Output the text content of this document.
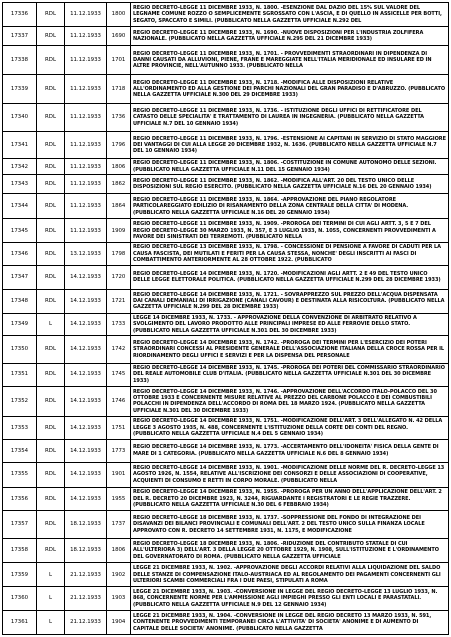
17336	RDL	11.12.1933	1800	REGIO DECRETO-LEGGE 11 DICEMBRE 1933, N. 1800. -ESENZIONE DAL DAZIO DEL 15% SUL VALORE DEL LEGNAME COMUNE ROZZO O SEMPLICEMENTE SGROSSATO CON L'ASCIA, E DI QUELLO IN ASSICELLE PER BOTTI, SEGATO, SPACCATO E SIMILI. (PUBBLICATO NELLA GAZZETTA UFFICIALE N.292 DEL
17337	RDL	11.12.1933	1690	REGIO DECRETO-LEGGE 11 DICEMBRE 1933, N. 1690. -NUOVE DISPOSIZIONI PER L'INDUSTRIA ZOLFIFERA NAZIONALE. (PUBBLICATO NELLA GAZZETTA UFFICIALE N.295 DEL 21 DICEMBRE 1933)
17338	RDL	11.12.1933	1701	REGIO DECRETO-LEGGE 11 DICEMBRE 1933, N. 1701. - PROVVEDIMENTI STRAORDINARI IN DIPENDENZA DI DANNI CAUSATI DA ALLUVIONI, PIENE, FRANE E MAREGGIATE NELL'ITALIA MERIDIONALE ED INSULARE ED IN ALTRE PROVINCIE, NELL'AUTUNNO 1933. (PUBBLICATO NELLA
17339	RDL	11.12.1933	1718	REGIO DECRETO-LEGGE 11 DICEMBRE 1933, N. 1718. -MODIFICA ALLE DISPOSIZIONI RELATIVE ALL'ORDINAMENTO ED ALLA GESTIONE DEI PARCHI NAZIONALI DEL GRAN PARADISO E D'ABRUZZO. (PUBBLICATO NELLA GAZZETTA UFFICIALE N.300 DEL 29 DICEMBRE 1933)
17340	RDL	11.12.1933	1736	REGIO DECRETO-LEGGE 11 DICEMBRE 1933, N. 1736. - ISTITUZIONE DEGLI UFFICI DI RETTIFICATORE DEL CATASTO DELLE SPECIALITA' E TRATTAMENTO DI LAUREA IN INGEGNERIA. (PUBBLICATO NELLA GAZZETTA UFFICIALE N.7 DEL 10 GENNAIO 1934)
17341	RDL	11.12.1933	1796	REGIO DECRETO-LEGGE 11 DICEMBRE 1933, N. 1796. -ESTENSIONE AI CAPITANI IN SERVIZIO DI STATO MAGGIORE DEI VANTAGGI DI CUI ALLA LEGGE 20 DICEMBRE 1932, N. 1636. (PUBBLICATO NELLA GAZZETTA UFFICIALE N.7 DEL 10 GENNAIO 1934)
17342	RDL	11.12.1933	1806	REGIO DECRETO-LEGGE 11 DICEMBRE 1933, N. 1806. -COSTITUZIONE IN COMUNE AUTONOMO DELLE SEZIONI. (PUBBLICATO NELLA GAZZETTA UFFICIALE N.11 DEL 15 GENNAIO 1934)
17343	RDL	11.12.1933	1862	REGIO DECRETO-LEGGE 11 DICEMBRE 1933, N. 1862. -MODIFICA ALL'ART. 20 DEL TESTO UNICO DELLE DISPOSIZIONI SUL REGIO ESERCITO. (PUBBLICATO NELLA GAZZETTA UFFICIALE N.16 DEL 20 GENNAIO 1934)
17344	RDL	11.12.1933	1864	REGIO DECRETO-LEGGE 11 DICEMBRE 1933, N. 1864. -APPROVAZIONE DEL PIANO REGOLATORE PARTICOLAREGGIATO EDILIZIO DI RISANAMENTO DELLA ZONA CENTRALE DELLA CITTA' DI MODENA. (PUBBLICATO NELLA GAZZETTA UFFICIALE N.16 DEL 20 GENNAIO 1934)
17345	RDL	11.12.1933	1909	REGIO DECRETO-LEGGE 11 DICEMBRE 1933, N. 1909. -PROROGA DEI TERMINI DI CUI AGLI ARTT. 3, 5 E 7 DEL REGIO DECRETO-LEGGE 30 MARZO 1933, N. 357, E 3 LUGLIO 1933, N. 1055, CONCERNENTI PROVVEDIMENTI A FAVORE DEI SINISTRATI DEI TERREMOTI. (PUBBLICATO NELLA
17346	RDL	13.12.1933	1798	REGIO DECRETO-LEGGE 13 DICEMBRE 1933, N. 1798. - CONCESSIONE DI PENSIONE A FAVORE DI CADUTI PER LA CAUSA FASCISTA, DEI MUTILATI E FERITI PER LA CAUSA STESSA, NONCHE' DEGLI INSCRITTI AI FASCI DI COMBATTIMENTO ANTERIORMENTE AL 28 OTTOBRE 1922. (PUBBLICATO
17347	RDL	14.12.1933	1720	REGIO DECRETO-LEGGE 14 DICEMBRE 1933, N. 1720. -MODIFICAZIONI AGLI ARTT. 2 E 49 DEL TESTO UNICO DELLE LEGGE ELETTORALE POLITICA. (PUBBLICATO NELLA GAZZETTA UFFICIALE N.299 DEL 28 DICEMBRE 1933)
17348	RDL	14.12.1933	1721	REGIO DECRETO-LEGGE 14 DICEMBRE 1933, N. 1721. - SOVRAPPREZZO SUL PREZZO DELL'ACQUA DISPENSATA DAI CANALI DEMANIALI DI IRRIGAZIONE (CANALI CAVOUR) E DESTINATA ALLA RISICOLTURA. (PUBBLICATO NELLA GAZZETTA UFFICIALE N.299 DEL 28 DICEMBRE 1933)
17349	L	14.12.1933	1733	LEGGE 14 DICEMBRE 1933, N. 1733. - APPROVAZIONE DELLA CONVENZIONE DI ARBITRATO RELATIVO A SVOLGIMENTO DEL LAVORO PRODOTTO ALLE PRINCIPALI IMPRESE ED ALLE FERROVIE DELLO STATO. (PUBBLICATO NELLA GAZZETTA UFFICIALE N.301 DEL 30 DICEMBRE 1933)
17350	RDL	14.12.1933	1742	REGIO DECRETO-LEGGE 14 DICEMBRE 1933, N. 1742. -PROROGA DEI TERMINI PER L'ESERCIZIO DEI POTERI STRAORDINARI CONCESSI AL PRESIDENTE GENERALE DELL'ASSOCIAZIONE ITALIANA DELLA CROCE ROSSA PER IL RIORDINAMENTO DEGLI UFFICI E SERVIZI E PER LA DISPENSA DEL PERSONALE
17351	RDL	14.12.1933	1745	REGIO DECRETO-LEGGE 14 DICEMBRE 1933, N. 1745. -PROROGA DEI POTERI DEL COMMISSARIO STRAORDINARIO DEL REALE AUTOMOBILE CLUB D'ITALIA. (PUBBLICATO NELLA GAZZETTA UFFICIALE N.301 DEL 30 DICEMBRE 1933)
17352	RDL	14.12.1933	1746	REGIO DECRETO-LEGGE 14 DICEMBRE 1933, N. 1746. -APPROVAZIONE DELL'ACCORDO ITALO-POLACCO DEL 30 OTTOBRE 1933 E CONCERNENTE MISURE RELATIVE AL PREZZO DEL CARBONE POLACCO E DEI COMBUSTIBILI POLACCHI IN DIPENDENZA DELL'ACCORDO DI ROMA DEL 18 MARZO 1924. (PUBBLICATO NELLA GAZZETTA UFFICIALE N.301 DEL 30 DICEMBRE 1933)
17353	RDL	14.12.1933	1751	REGIO DECRETO-LEGGE 14 DICEMBRE 1933, N. 1751. -MODIFICAZIONE DELL'ART. 3 DELL'ALLEGATO N. 42 DELLA LEGGE 3 AGOSTO 1935, N. 488, CONCERNENTE L'ISTITUZIONE DELLA CORTE DEI CONTI DEL REGNO. (PUBBLICATO NELLA GAZZETTA UFFICIALE N.4 DEL 5 GENNAIO 1934)
17354	RDL	14.12.1933	1773	REGIO DECRETO-LEGGE 14 DICEMBRE 1933, N. 1773. -ACCERTAMENTO DELL'IDONEITA' FISICA DELLA GENTE DI MARE DI 1 CATEGORIA. (PUBBLICATO NELLA GAZZETTA UFFICIALE N.6 DEL 8 GENNAIO 1934)
17355	RDL	14.12.1933	1901	REGIO DECRETO-LEGGE 14 DICEMBRE 1933, N. 1901. -MODIFICAZIONE DELLE NORME DEL R. DECRETO-LEGGE 13 AGOSTO 1926, N. 1554, RELATIVE ALL'ISCRIZIONE DEI CONSORZI E DELLE ASSOCIAZIONI DI COOPERATIVE, ACQUIENTI DI CONSUMO E RETTI IN CORPO MORALE. (PUBBLICATO NELLA
17356	RDL	14.12.1933	1955	REGIO DECRETO-LEGGE 14 DICEMBRE 1933, N. 1955. -PROROGA PER UN ANNO DELL'APPLICAZIONE DELL'ART. 2 DEL R. DECRETO 20 DICEMBRE 1923, N. 3244, RIGUARDANTE I REGISTRATORI E LE REGIE TRAZZERE. (PUBBLICATO NELLA GAZZETTA UFFICIALE N.30 DEL 6 FEBBRAIO 1934)
17357	RDL	18.12.1933	1737	REGIO DECRETO-LEGGE 18 DICEMBRE 1933, N. 1737. -SOPPRESSIONE DEL FONDO DI INTEGRAZIONE DEI DISAVANZI DEI BILANCI PROVINCIALI E COMUNALI DELL'ART. 2 DEL TESTO UNICO SULLA FINANZA LOCALE APPROVATO CON R. DECRETO 14 SETTEMBRE 1931, N. 1175, E MODIFICAZIONE
17358	RDL	18.12.1933	1806	REGIO DECRETO-LEGGE 18 DICEMBRE 1933, N. 1806. -RIDUZIONE DEL CONTRIBUTO STATALE DI CUI ALL'ULTERIORA 3) DELL'ART. 3 DELLA LEGGE 20 OTTOBRE 1929, N. 1908, SULL'ISTITUZIONE E L'ORDINAMENTO DEL GOVERNATORATO DI ROMA. (PUBBLICATO NELLA GAZZETTA UFFICIALE
17359	L	21.12.1933	1902	LEGGE 21 DICEMBRE 1933, N. 1902. -APPROVAZIONE DEGLI ACCORDI RELATIVI ALLA LIQUIDAZIONE DEL SALDO DELLE STANZE DI COMPENSAZIONE ITALO-AUSTRIACA ED AL REGOLAMENTO DEI PAGAMENTI CONCERNENTI GLI ULTERIORI SCAMBI COMMERCIALI FRA I DUE PAESI, STIPULATI A ROMA
17360	L	21.12.1933	1903	LEGGE 21 DICEMBRE 1933, N. 1903. -CONVERSIONE IN LEGGE DEL REGIO DECRETO-LEGGE 13 LUGLIO 1933, N. 868, CONCERNENTE NORME PER L'AMMISSIONE AGLI IMPIEGHI PRESSO GLI ENTI LOCALI E PARASTATALI. (PUBBLICATO NELLA GAZZETTA UFFICIALE N.9 DEL 12 GENNAIO 1934)
17361	L	21.12.1933	1904	LEGGE 21 DICEMBRE 1933, N. 1904. -CONVERSIONE IN LEGGE DEL REGIO DECRETO 13 MARZO 1933, N. 591, CONTENENTE PROVVEDIMENTI TEMPORANEI CIRCA L'ATTIVITA' DI SOCIETA' ANONIME E DI AUMENTO DI CAPITALE DELLE SOCIETA' ANONIME. (PUBBLICATO NELLA GAZZETTA
